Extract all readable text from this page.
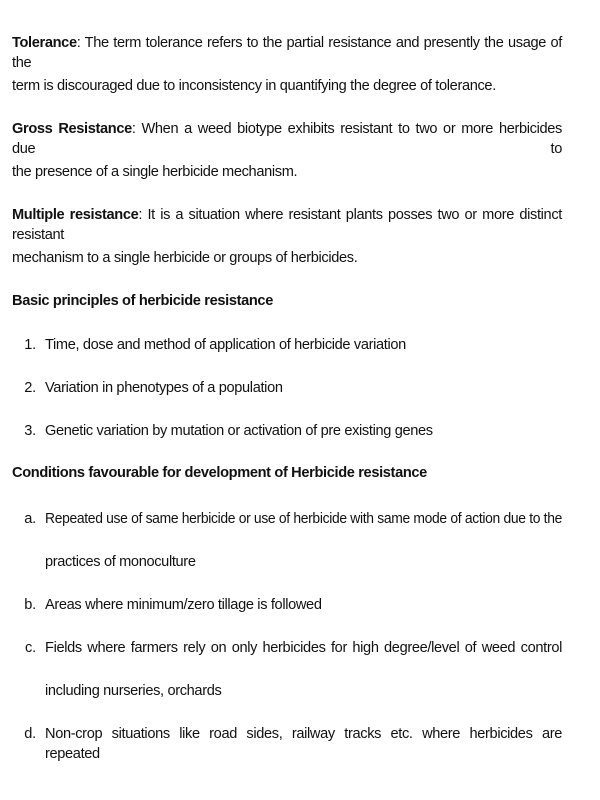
Tolerance: The term tolerance refers to the partial resistance and presently the usage of the
term is discouraged due to inconsistency in quantifying the degree of tolerance.
Gross Resistance: When a weed biotype exhibits resistant to two or more herbicides due to
the presence of a single herbicide mechanism.
Multiple resistance: It is a situation where resistant plants posses two or more distinct resistant
mechanism to a single herbicide or groups of herbicides.
Basic principles of herbicide resistance
1. Time, dose and method of application of herbicide variation
2. Variation in phenotypes of a population
3. Genetic variation by mutation or activation of pre existing genes
Conditions favourable for development of Herbicide resistance
a. Repeated use of same herbicide or use of herbicide with same mode of action due to the
practices of monoculture
b. Areas where minimum/zero tillage is followed
c. Fields where farmers rely on only herbicides for high degree/level of weed control
including nurseries, orchards
d. Non-crop situations like road sides, railway tracks etc. where herbicides are repeated
